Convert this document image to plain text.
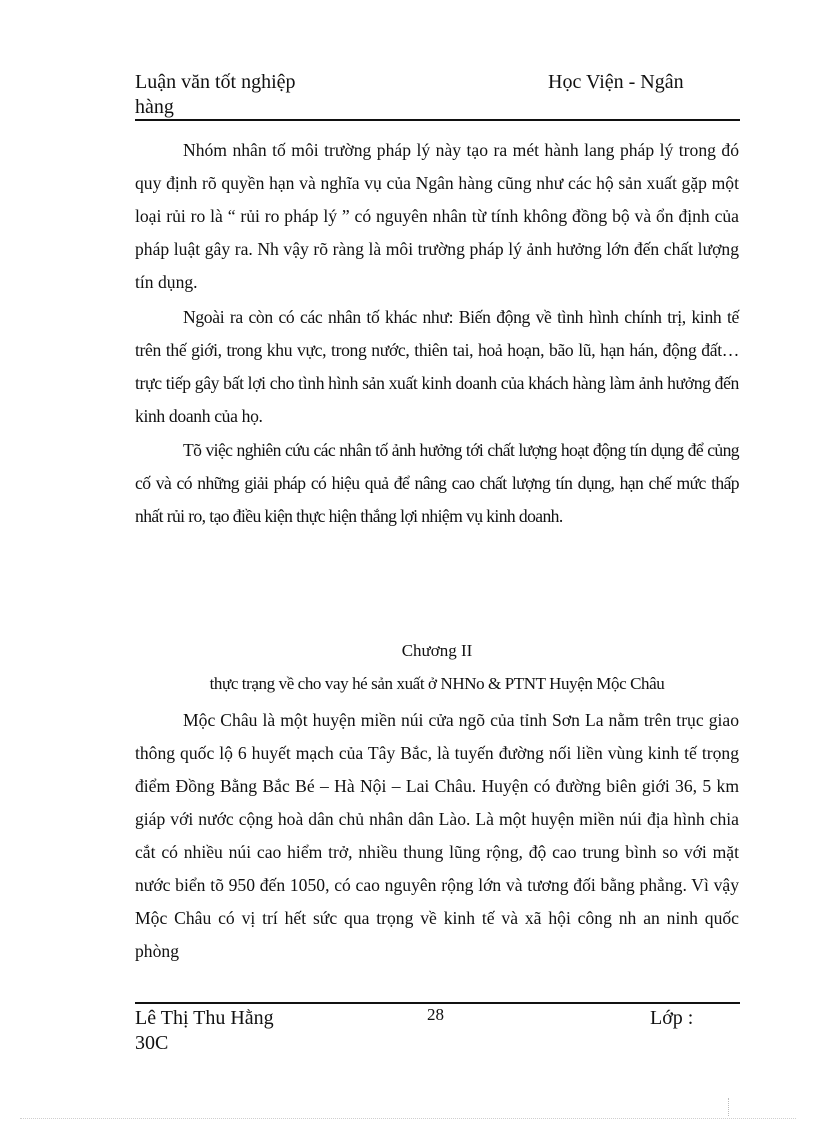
Luận văn tốt nghiệp
hàng
Học Viện - Ngân

Nhóm nhân tố môi trường pháp lý này tạo ra mét hành lang pháp lý trong đó quy định rõ quyền hạn và nghĩa vụ của Ngân hàng cũng như các hộ sản xuất gặp một loại rủi ro là “ rủi ro pháp lý ” có nguyên nhân từ tính không đồng bộ và ổn định của pháp luật gây ra. Nh vậy rõ ràng là môi trường pháp lý ảnh hưởng lớn đến chất lượng tín dụng.

Ngoài ra còn có các nhân tố khác như: Biến động về tình hình chính trị, kinh tế trên thế giới, trong khu vực, trong nước, thiên tai, hoả hoạn, bão lũ, hạn hán, động đất…trực tiếp gây bất lợi cho tình hình sản xuất kinh doanh của khách hàng làm ảnh hưởng đến kinh doanh của họ.

Tõ việc nghiên cứu các nhân tố ảnh hưởng tới chất lượng hoạt động tín dụng để củng cố và có những giải pháp có hiệu quả để nâng cao chất lượng tín dụng, hạn chế mức thấp nhất rủi ro, tạo điều kiện thực hiện thắng lợi nhiệm vụ kinh doanh.

Chương II
thực trạng về cho vay hé sản xuất ở NHNo & PTNT Huyện Mộc Châu

Mộc Châu là một huyện miền núi cửa ngõ của tỉnh Sơn La nằm trên trục giao thông quốc lộ 6 huyết mạch của Tây Bắc, là tuyến đường nối liền vùng kinh tế trọng điểm Đồng Bằng Bắc Bé – Hà Nội – Lai Châu. Huyện có đường biên giới 36, 5 km giáp với nước cộng hoà dân chủ nhân dân Lào. Là một huyện miền núi địa hình chia cắt có nhiều núi cao hiểm trở, nhiều thung lũng rộng, độ cao trung bình so với mặt nước biển tõ 950 đến 1050, có cao nguyên rộng lớn và tương đối bằng phẳng. Vì vậy Mộc Châu có vị trí hết sức qua trọng về kinh tế và xã hội công nh an ninh quốc phòng

Lê Thị Thu Hằng
30C
28	Lớp :
